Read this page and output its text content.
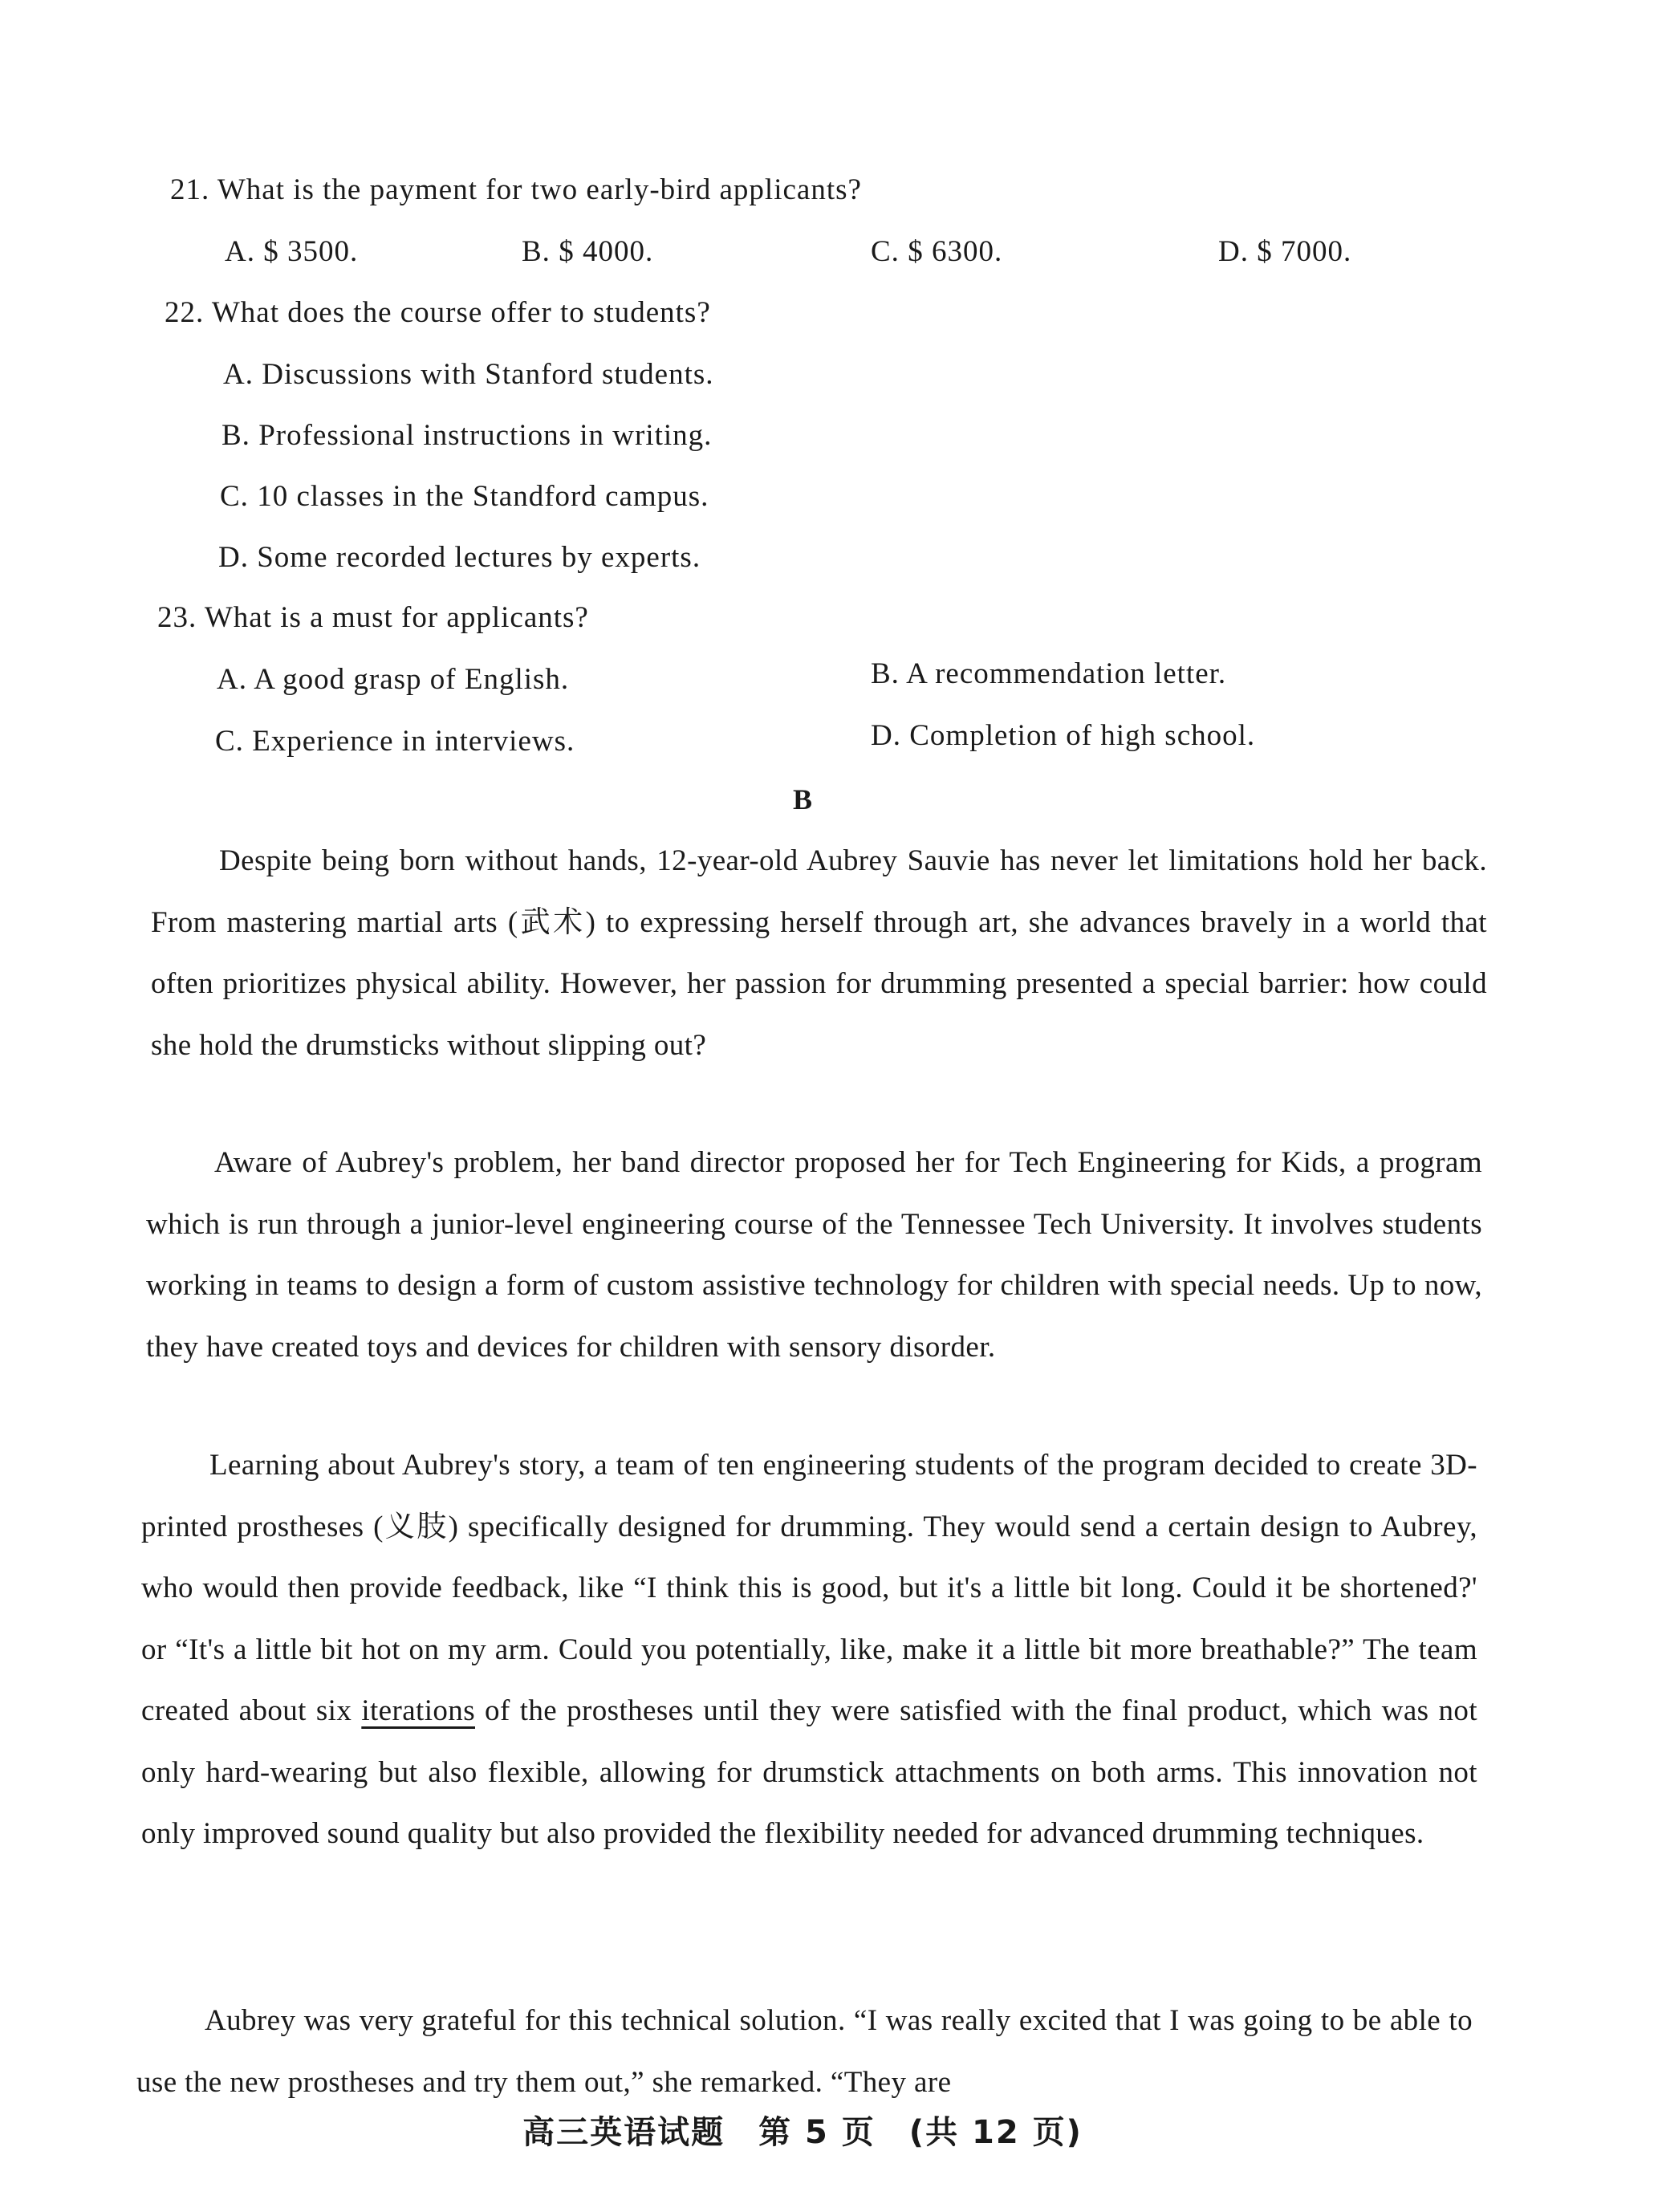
21. What is the payment for two early-bird applicants?
A. $ 3500.	B. $ 4000.	C. $ 6300.	D. $ 7000.
22. What does the course offer to students?
A. Discussions with Stanford students.
B. Professional instructions in writing.
C. 10 classes in the Standford campus.
D. Some recorded lectures by experts.
23. What is a must for applicants?
A. A good grasp of English.	B. A recommendation letter.
C. Experience in interviews.	D. Completion of high school.
B
Despite being born without hands, 12-year-old Aubrey Sauvie has never let limitations hold her back. From mastering martial arts (武术) to expressing herself through art, she advances bravely in a world that often prioritizes physical ability. However, her passion for drumming presented a special barrier: how could she hold the drumsticks without slipping out?
Aware of Aubrey's problem, her band director proposed her for Tech Engineering for Kids, a program which is run through a junior-level engineering course of the Tennessee Tech University. It involves students working in teams to design a form of custom assistive technology for children with special needs. Up to now, they have created toys and devices for children with sensory disorder.
Learning about Aubrey's story, a team of ten engineering students of the program decided to create 3D-printed prostheses (义肢) specifically designed for drumming. They would send a certain design to Aubrey, who would then provide feedback, like “I think this is good, but it's a little bit long. Could it be shortened?' or “It's a little bit hot on my arm. Could you potentially, like, make it a little bit more breathable?” The team created about six iterations of the prostheses until they were satisfied with the final product, which was not only hard-wearing but also flexible, allowing for drumstick attachments on both arms. This innovation not only improved sound quality but also provided the flexibility needed for advanced drumming techniques.
Aubrey was very grateful for this technical solution. “I was really excited that I was going to be able to use the new prostheses and try them out,” she remarked. “They are
高三英语试题　第 5 页　(共 12 页)
